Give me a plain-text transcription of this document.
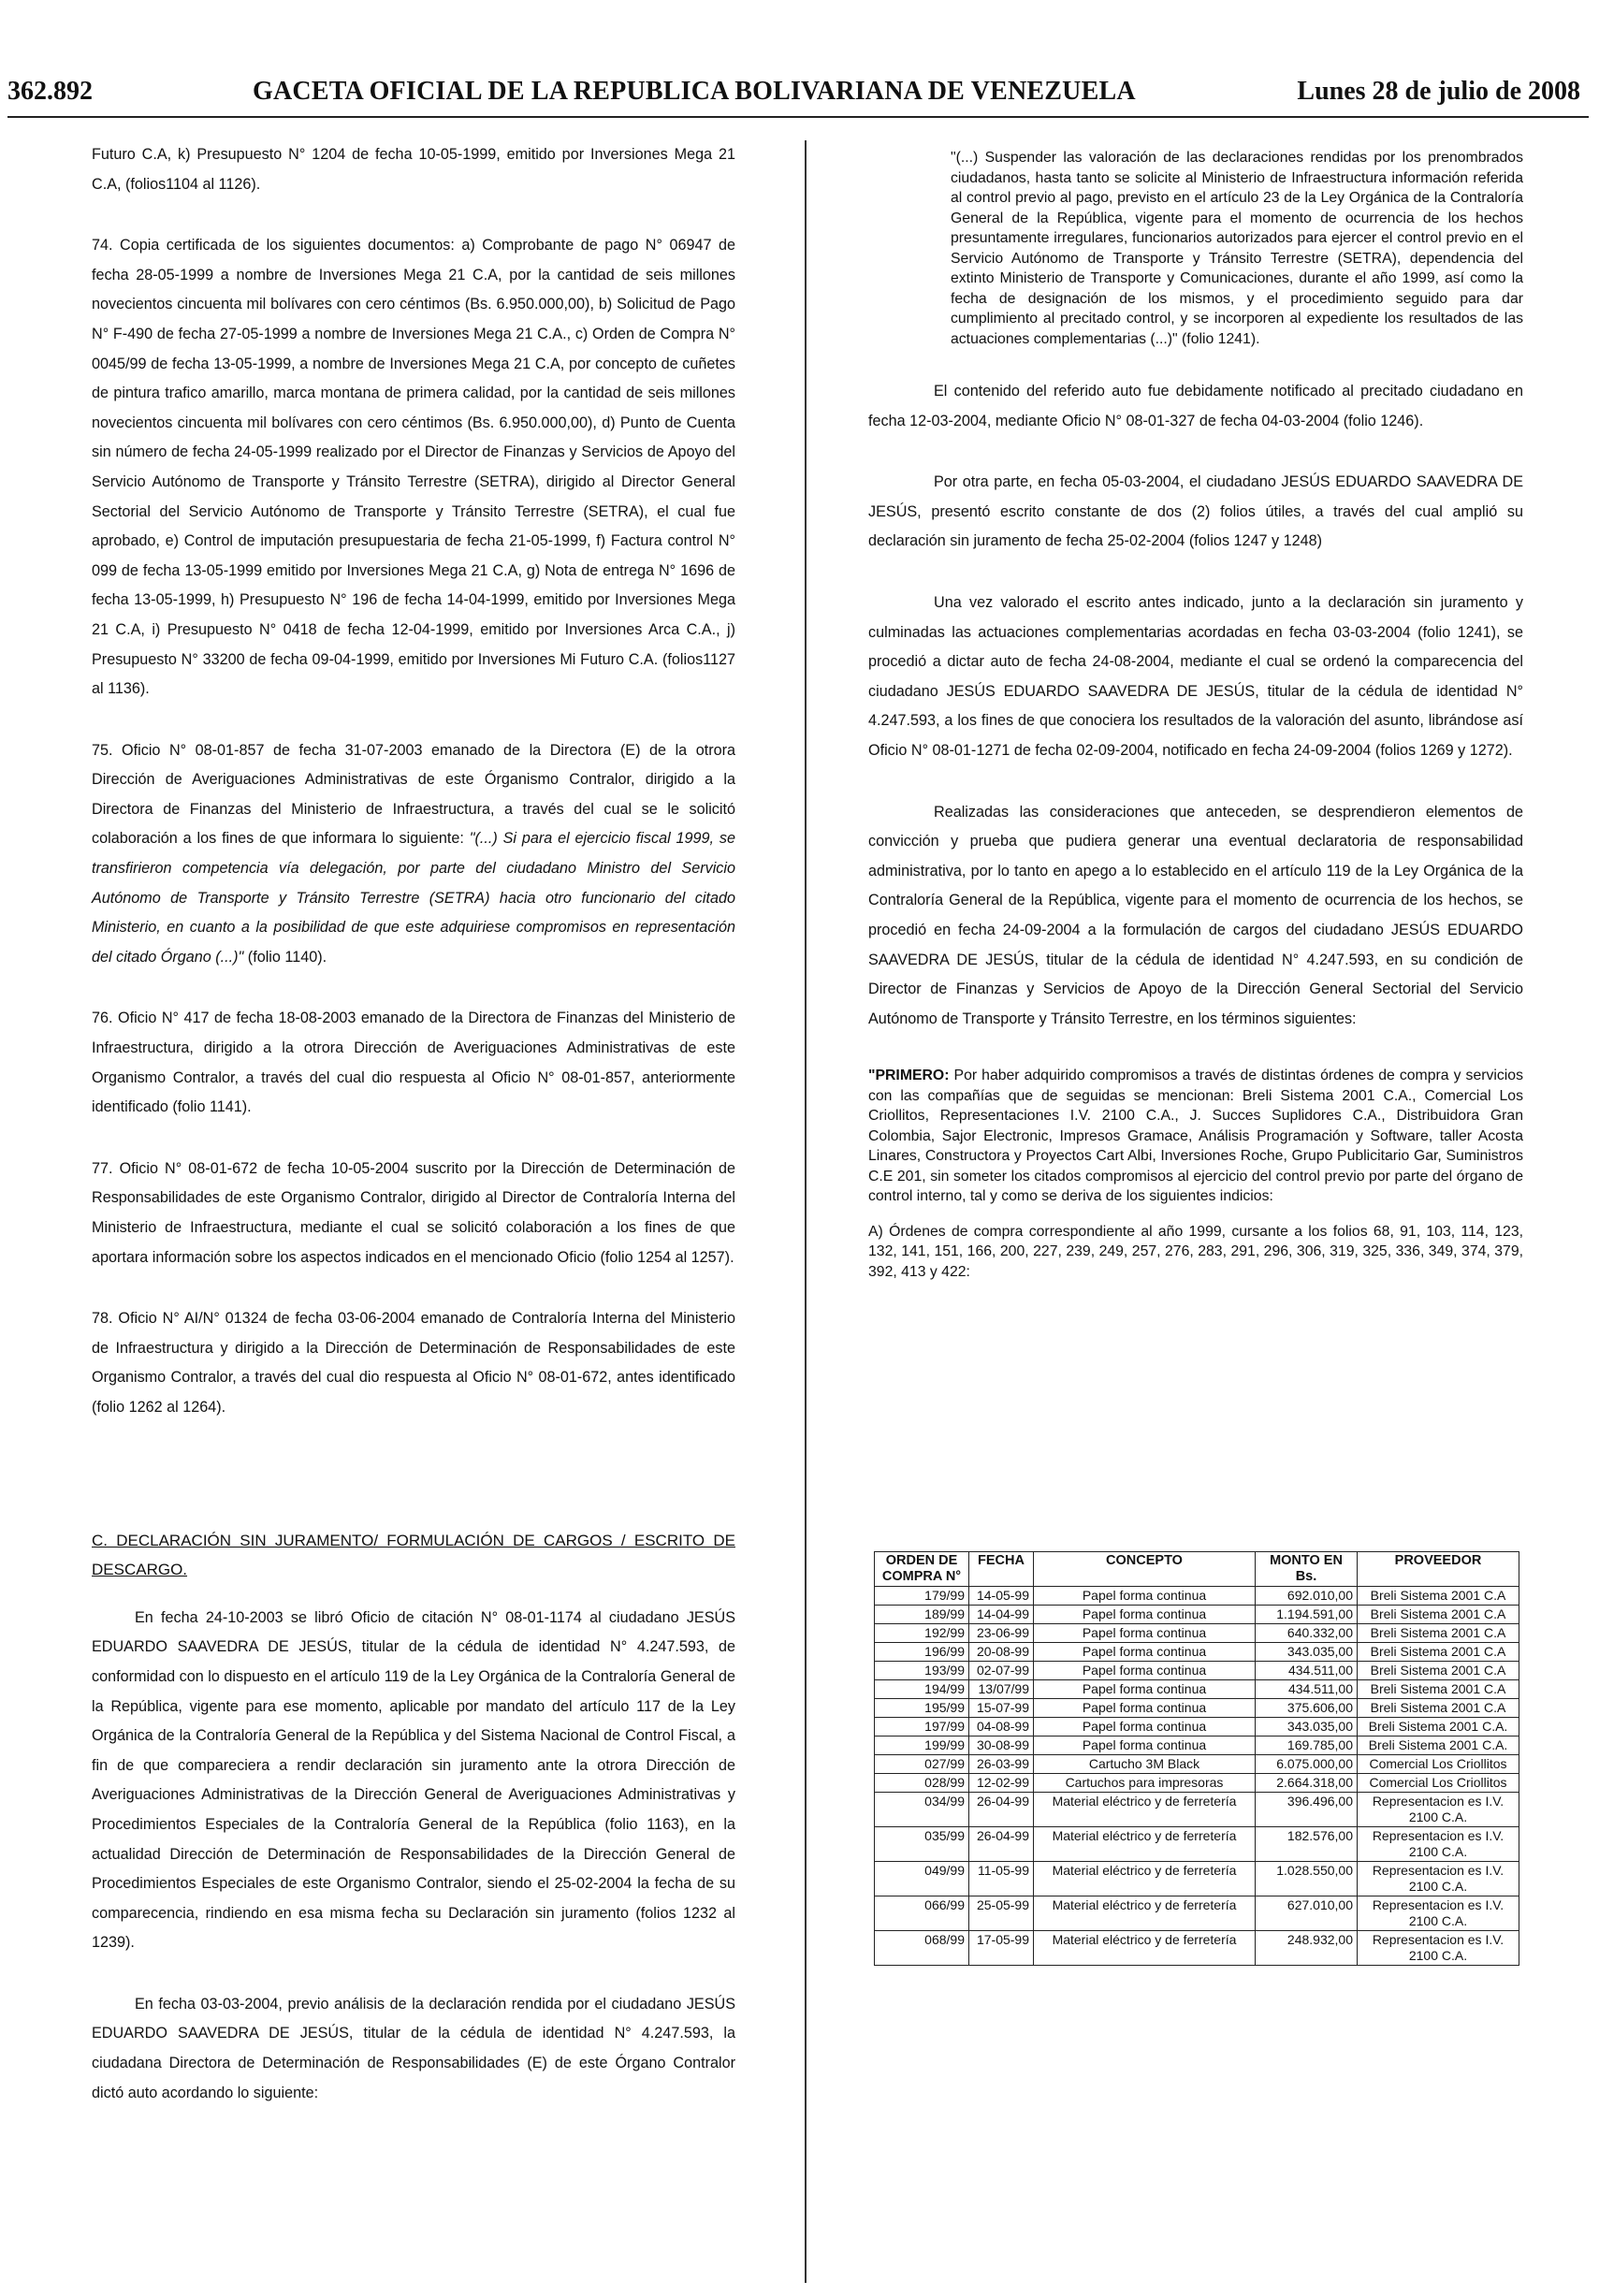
362.892	GACETA OFICIAL DE LA REPUBLICA BOLIVARIANA DE VENEZUELA	Lunes 28 de julio de 2008

Futuro C.A, k) Presupuesto N° 1204 de fecha 10-05-1999, emitido por Inversiones Mega 21 C.A, (folios1104 al 1126).

74. Copia certificada de los siguientes documentos: a) Comprobante de pago N° 06947 de fecha 28-05-1999 a nombre de Inversiones Mega 21 C.A, por la cantidad de seis millones novecientos cincuenta mil bolívares con cero céntimos (Bs. 6.950.000,00), b) Solicitud de Pago N° F-490 de fecha 27-05-1999 a nombre de Inversiones Mega 21 C.A., c) Orden de Compra N° 0045/99 de fecha 13-05-1999, a nombre de Inversiones Mega 21 C.A, por concepto de cuñetes de pintura trafico amarillo, marca montana de primera calidad, por la cantidad de seis millones novecientos cincuenta mil bolívares con cero céntimos (Bs. 6.950.000,00), d) Punto de Cuenta sin número de fecha 24-05-1999 realizado por el Director de Finanzas y Servicios de Apoyo del Servicio Autónomo de Transporte y Tránsito Terrestre (SETRA), dirigido al Director General Sectorial del Servicio Autónomo de Transporte y Tránsito Terrestre (SETRA), el cual fue aprobado, e) Control de imputación presupuestaria de fecha 21-05-1999, f) Factura control N° 099 de fecha 13-05-1999 emitido por Inversiones Mega 21 C.A, g) Nota de entrega N° 1696 de fecha 13-05-1999, h) Presupuesto N° 196 de fecha 14-04-1999, emitido por Inversiones Mega 21 C.A, i) Presupuesto N° 0418 de fecha 12-04-1999, emitido por Inversiones Arca C.A., j) Presupuesto N° 33200 de fecha 09-04-1999, emitido por Inversiones Mi Futuro C.A. (folios1127 al 1136).

75. Oficio N° 08-01-857 de fecha 31-07-2003 emanado de la Directora (E) de la otrora Dirección de Averiguaciones Administrativas de este Órganismo Contralor, dirigido a la Directora de Finanzas del Ministerio de Infraestructura, a través del cual se le solicitó colaboración a los fines de que informara lo siguiente: "(...) Si para el ejercicio fiscal 1999, se transfirieron competencia vía delegación, por parte del ciudadano Ministro del Servicio Autónomo de Transporte y Tránsito Terrestre (SETRA) hacia otro funcionario del citado Ministerio, en cuanto a la posibilidad de que este adquiriese compromisos en representación del citado Órgano (...)" (folio 1140).

76. Oficio N° 417 de fecha 18-08-2003 emanado de la Directora de Finanzas del Ministerio de Infraestructura, dirigido a la otrora Dirección de Averiguaciones Administrativas de este Organismo Contralor, a través del cual dio respuesta al Oficio N° 08-01-857, anteriormente identificado (folio 1141).

77. Oficio N° 08-01-672 de fecha 10-05-2004 suscrito por la Dirección de Determinación de Responsabilidades de este Organismo Contralor, dirigido al Director de Contraloría Interna del Ministerio de Infraestructura, mediante el cual se solicitó colaboración a los fines de que aportara información sobre los aspectos indicados en el mencionado Oficio (folio 1254 al 1257).

78. Oficio N° AI/N° 01324 de fecha 03-06-2004 emanado de Contraloría Interna del Ministerio de Infraestructura y dirigido a la Dirección de Determinación de Responsabilidades de este Organismo Contralor, a través del cual dio respuesta al Oficio N° 08-01-672, antes identificado (folio 1262 al 1264).

C. DECLARACIÓN SIN JURAMENTO/ FORMULACIÓN DE CARGOS / ESCRITO DE DESCARGO.

En fecha 24-10-2003 se libró Oficio de citación N° 08-01-1174 al ciudadano JESÚS EDUARDO SAAVEDRA DE JESÚS, titular de la cédula de identidad N° 4.247.593, de conformidad con lo dispuesto en el artículo 119 de la Ley Orgánica de la Contraloría General de la República, vigente para ese momento, aplicable por mandato del artículo 117 de la Ley Orgánica de la Contraloría General de la República y del Sistema Nacional de Control Fiscal, a fin de que compareciera a rendir declaración sin juramento ante la otrora Dirección de Averiguaciones Administrativas de la Dirección General de Averiguaciones Administrativas y Procedimientos Especiales de la Contraloría General de la República (folio 1163), en la actualidad Dirección de Determinación de Responsabilidades de la Dirección General de Procedimientos Especiales de este Organismo Contralor, siendo el 25-02-2004 la fecha de su comparecencia, rindiendo en esa misma fecha su Declaración sin juramento (folios 1232 al 1239).

En fecha 03-03-2004, previo análisis de la declaración rendida por el ciudadano JESÚS EDUARDO SAAVEDRA DE JESÚS, titular de la cédula de identidad N° 4.247.593, la ciudadana Directora de Determinación de Responsabilidades (E) de este Órgano Contralor dictó auto acordando lo siguiente:

"(...) Suspender las valoración de las declaraciones rendidas por los prenombrados ciudadanos, hasta tanto se solicite al Ministerio de Infraestructura información referida al control previo al pago, previsto en el artículo 23 de la Ley Orgánica de la Contraloría General de la República, vigente para el momento de ocurrencia de los hechos presuntamente irregulares, funcionarios autorizados para ejercer el control previo en el Servicio Autónomo de Transporte y Tránsito Terrestre (SETRA), dependencia del extinto Ministerio de Transporte y Comunicaciones, durante el año 1999, así como la fecha de designación de los mismos, y el procedimiento seguido para dar cumplimiento al precitado control, y se incorporen al expediente los resultados de las actuaciones complementarias (...)" (folio 1241).

El contenido del referido auto fue debidamente notificado al precitado ciudadano en fecha 12-03-2004, mediante Oficio N° 08-01-327 de fecha 04-03-2004 (folio 1246).

Por otra parte, en fecha 05-03-2004, el ciudadano JESÚS EDUARDO SAAVEDRA DE JESÚS, presentó escrito constante de dos (2) folios útiles, a través del cual amplió su declaración sin juramento de fecha 25-02-2004 (folios 1247 y 1248)

Una vez valorado el escrito antes indicado, junto a la declaración sin juramento y culminadas las actuaciones complementarias acordadas en fecha 03-03-2004 (folio 1241), se procedió a dictar auto de fecha 24-08-2004, mediante el cual se ordenó la comparecencia del ciudadano JESÚS EDUARDO SAAVEDRA DE JESÚS, titular de la cédula de identidad N° 4.247.593, a los fines de que conociera los resultados de la valoración del asunto, librándose así Oficio N° 08-01-1271 de fecha 02-09-2004, notificado en fecha 24-09-2004 (folios 1269 y 1272).

Realizadas las consideraciones que anteceden, se desprendieron elementos de convicción y prueba que pudiera generar una eventual declaratoria de responsabilidad administrativa, por lo tanto en apego a lo establecido en el artículo 119 de la Ley Orgánica de la Contraloría General de la República, vigente para el momento de ocurrencia de los hechos, se procedió en fecha 24-09-2004 a la formulación de cargos del ciudadano JESÚS EDUARDO SAAVEDRA DE JESÚS, titular de la cédula de identidad N° 4.247.593, en su condición de Director de Finanzas y Servicios de Apoyo de la Dirección General Sectorial del Servicio Autónomo de Transporte y Tránsito Terrestre, en los términos siguientes:

"PRIMERO: Por haber adquirido compromisos a través de distintas órdenes de compra y servicios con las compañías que de seguidas se mencionan: Breli Sistema 2001 C.A., Comercial Los Criollitos, Representaciones I.V. 2100 C.A., J. Succes Suplidores C.A., Distribuidora Gran Colombia, Sajor Electronic, Impresos Gramace, Análisis Programación y Software, taller Acosta Linares, Constructora y Proyectos Cart Albi, Inversiones Roche, Grupo Publicitario Gar, Suministros C.E 201, sin someter los citados compromisos al ejercicio del control previo por parte del órgano de control interno, tal y como se deriva de los siguientes indicios:

A) Órdenes de compra correspondiente al año 1999, cursante a los folios 68, 91, 103, 114, 123, 132, 141, 151, 166, 200, 227, 239, 249, 257, 276, 283, 291, 296, 306, 319, 325, 336, 349, 374, 379, 392, 413 y 422:

ORDEN DE COMPRA N°	FECHA	CONCEPTO	MONTO EN Bs.	PROVEEDOR
179/99	14-05-99	Papel forma continua	692.010,00	Breli Sistema 2001 C.A
189/99	14-04-99	Papel forma continua	1.194.591,00	Breli Sistema 2001 C.A
192/99	23-06-99	Papel forma continua	640.332,00	Breli Sistema 2001 C.A
196/99	20-08-99	Papel forma continua	343.035,00	Breli Sistema 2001 C.A
193/99	02-07-99	Papel forma continua	434.511,00	Breli Sistema 2001 C.A
194/99	13/07/99	Papel forma continua	434.511,00	Breli Sistema 2001 C.A
195/99	15-07-99	Papel forma continua	375.606,00	Breli Sistema 2001 C.A
197/99	04-08-99	Papel forma continua	343.035,00	Breli Sistema 2001 C.A.
199/99	30-08-99	Papel forma continua	169.785,00	Breli Sistema 2001 C.A.
027/99	26-03-99	Cartucho 3M Black	6.075.000,00	Comercial Los Criollitos
028/99	12-02-99	Cartuchos para impresoras	2.664.318,00	Comercial Los Criollitos
034/99	26-04-99	Material eléctrico y de ferretería	396.496,00	Representacion es I.V. 2100 C.A.
035/99	26-04-99	Material eléctrico y de ferretería	182.576,00	Representacion es I.V. 2100 C.A.
049/99	11-05-99	Material eléctrico y de ferretería	1.028.550,00	Representacion es I.V. 2100 C.A.
066/99	25-05-99	Material eléctrico y de ferretería	627.010,00	Representacion es I.V. 2100 C.A.
068/99	17-05-99	Material eléctrico y de ferretería	248.932,00	Representacion es I.V. 2100 C.A.
